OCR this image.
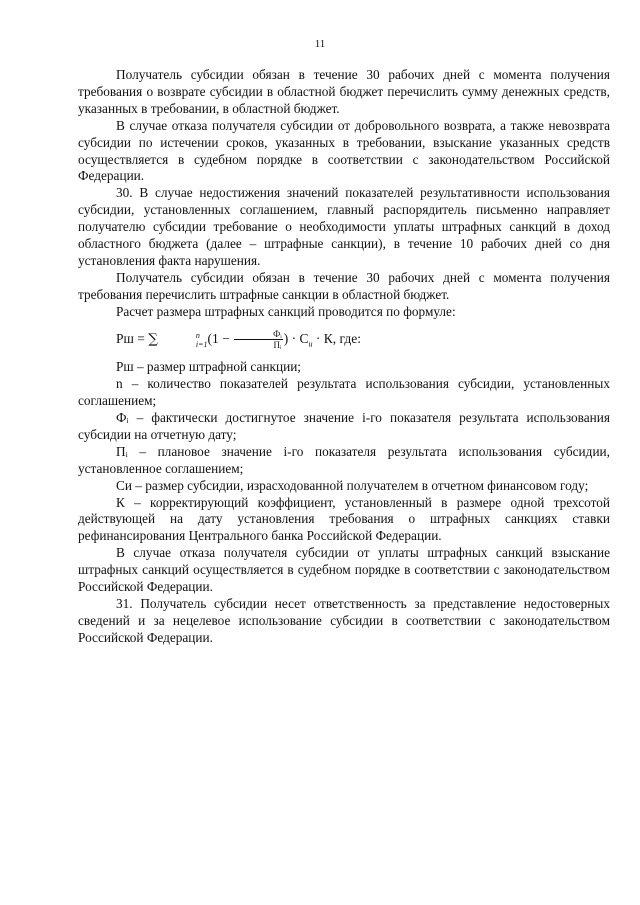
11

Получатель субсидии обязан в течение 30 рабочих дней с момента получения требования о возврате субсидии в областной бюджет перечислить сумму денежных средств, указанных в требовании, в областной бюджет.

В случае отказа получателя субсидии от добровольного возврата, а также невозврата субсидии по истечении сроков, указанных в требовании, взыскание указанных средств осуществляется в судебном порядке в соответствии с законодательством Российской Федерации.

30. В случае недостижения значений показателей результативности использования субсидии, установленных соглашением, главный распорядитель письменно направляет получателю субсидии требование о необходимости уплаты штрафных санкций в доход областного бюджета (далее – штрафные санкции), в течение 10 рабочих дней со дня установления факта нарушения.

Получатель субсидии обязан в течение 30 рабочих дней с момента получения требования перечислить штрафные санкции в областной бюджет.

Расчет размера штрафных санкций проводится по формуле:

Рш = ∑	n
i=1 ($1 - \frac{\text{Фᵢ}}{\text{Пᵢ}}$ ) · $С_и \cdot К$, где:

Рш – размер штрафной санкции;

n – количество показателей результата использования субсидии, установленных соглашением;

Фᵢ – фактически достигнутое значение i-го показателя результата использования субсидии на отчетную дату;

Пᵢ – плановое значение i-го показателя результата использования субсидии, установленное соглашением;

Cи – размер субсидии, израсходованной получателем в отчетном финансовом году;

К – корректирующий коэффициент, установленный в размере одной трехсотой действующей на дату установления требования о штрафных санкциях ставки рефинансирования Центрального банка Российской Федерации.

В случае отказа получателя субсидии от уплаты штрафных санкций взыскание штрафных санкций осуществляется в судебном порядке в соответствии с законодательством Российской Федерации.

31. Получатель субсидии несет ответственность за представление недостоверных сведений и за нецелевое использование субсидии в соответствии с законодательством Российской Федерации.
